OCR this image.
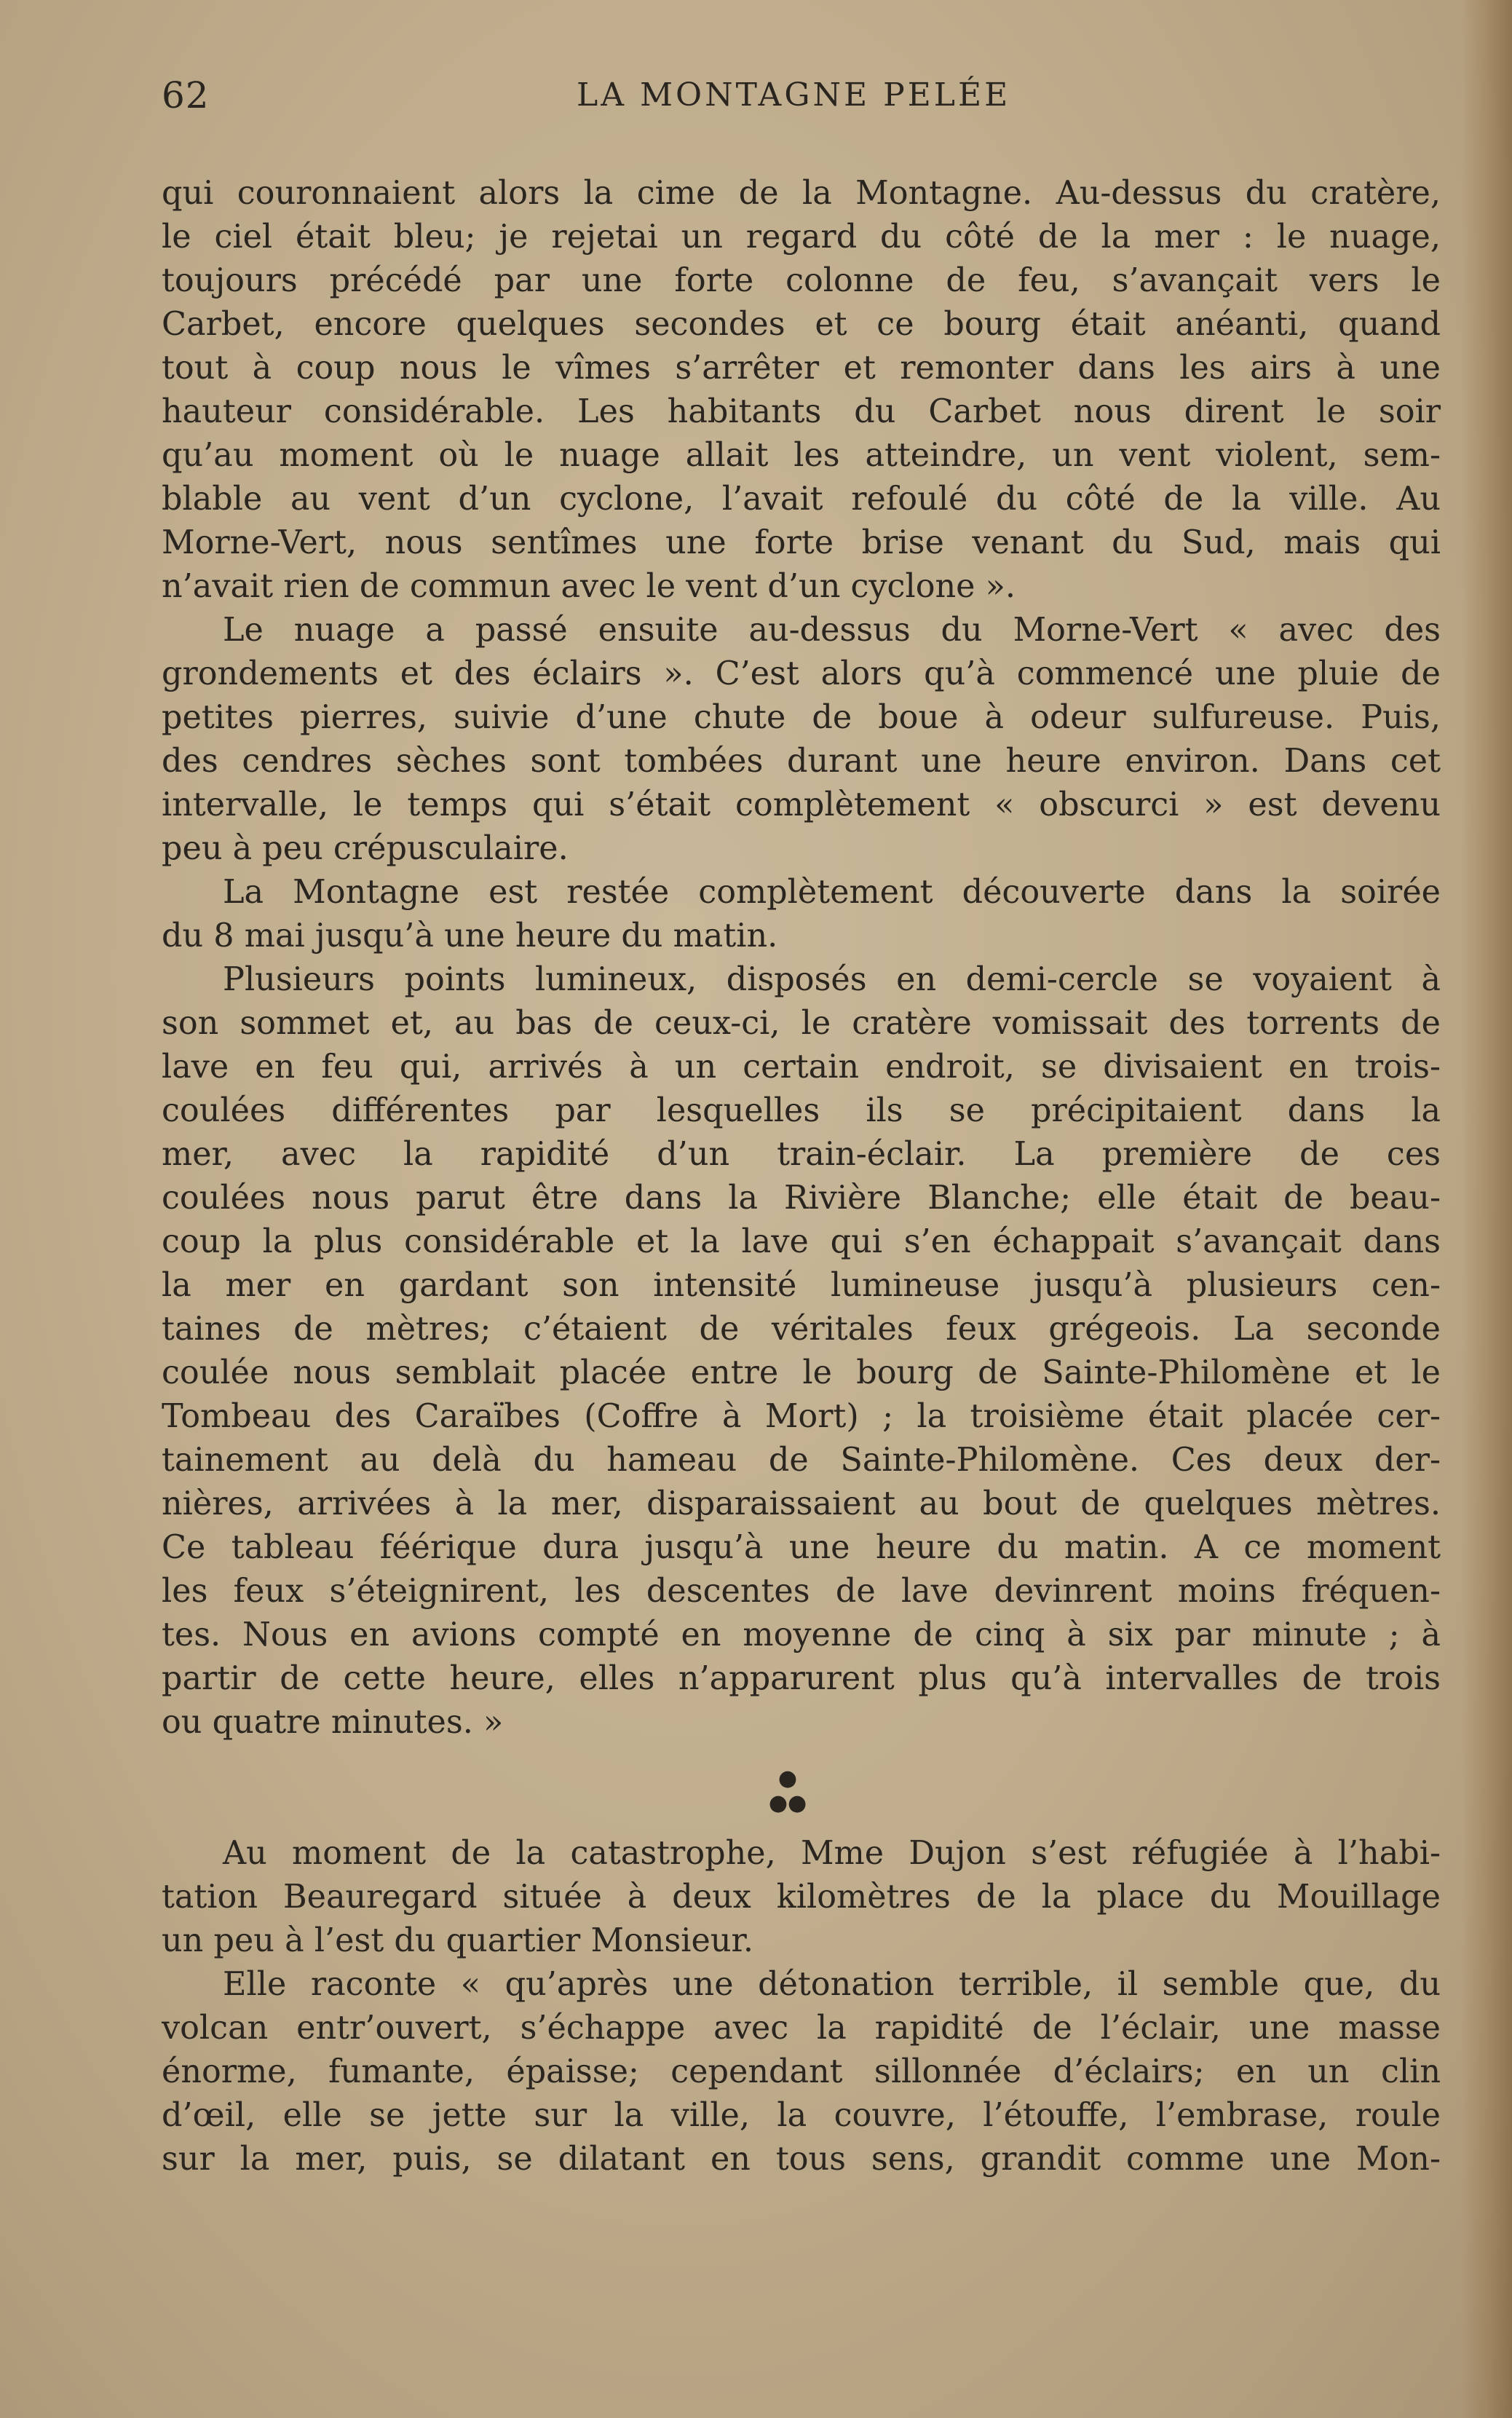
62	LA MONTAGNE PELÉE
qui couronnaient alors la cime de la Montagne. Au-dessus du cratère,
le ciel était bleu; je rejetai un regard du côté de la mer : le nuage,
toujours précédé par une forte colonne de feu, s’avançait vers le
Carbet, encore quelques secondes et ce bourg était anéanti, quand
tout à coup nous le vîmes s’arrêter et remonter dans les airs à une
hauteur considérable. Les habitants du Carbet nous dirent le soir
qu’au moment où le nuage allait les atteindre, un vent violent, sem-
blable au vent d’un cyclone, l’avait refoulé du côté de la ville. Au
Morne-Vert, nous sentîmes une forte brise venant du Sud, mais qui
n’avait rien de commun avec le vent d’un cyclone ».
Le nuage a passé ensuite au-dessus du Morne-Vert « avec des
grondements et des éclairs ». C’est alors qu’à commencé une pluie de
petites pierres, suivie d’une chute de boue à odeur sulfureuse. Puis,
des cendres sèches sont tombées durant une heure environ. Dans cet
intervalle, le temps qui s’était complètement « obscurci » est devenu
peu à peu crépusculaire.
La Montagne est restée complètement découverte dans la soirée
du 8 mai jusqu’à une heure du matin.
Plusieurs points lumineux, disposés en demi-cercle se voyaient à
son sommet et, au bas de ceux-ci, le cratère vomissait des torrents de
lave en feu qui, arrivés à un certain endroit, se divisaient en trois-
coulées différentes par lesquelles ils se précipitaient dans la
mer, avec la rapidité d’un train-éclair. La première de ces
coulées nous parut être dans la Rivière Blanche; elle était de beau-
coup la plus considérable et la lave qui s’en échappait s’avançait dans
la mer en gardant son intensité lumineuse jusqu’à plusieurs cen-
taines de mètres; c’étaient de véritales feux grégeois. La seconde
coulée nous semblait placée entre le bourg de Sainte-Philomène et le
Tombeau des Caraïbes (Coffre à Mort) ; la troisième était placée cer-
tainement au delà du hameau de Sainte-Philomène. Ces deux der-
nières, arrivées à la mer, disparaissaient au bout de quelques mètres.
Ce tableau féérique dura jusqu’à une heure du matin. A ce moment
les feux s’éteignirent, les descentes de lave devinrent moins fréquen-
tes. Nous en avions compté en moyenne de cinq à six par minute ; à
partir de cette heure, elles n’apparurent plus qu’à intervalles de trois
ou quatre minutes. »
●
●●
Au moment de la catastrophe, Mme Dujon s’est réfugiée à l’habi-
tation Beauregard située à deux kilomètres de la place du Mouillage
un peu à l’est du quartier Monsieur.
Elle raconte « qu’après une détonation terrible, il semble que, du
volcan entr’ouvert, s’échappe avec la rapidité de l’éclair, une masse
énorme, fumante, épaisse; cependant sillonnée d’éclairs; en un clin
d’œil, elle se jette sur la ville, la couvre, l’étouffe, l’embrase, roule
sur la mer, puis, se dilatant en tous sens, grandit comme une Mon-
